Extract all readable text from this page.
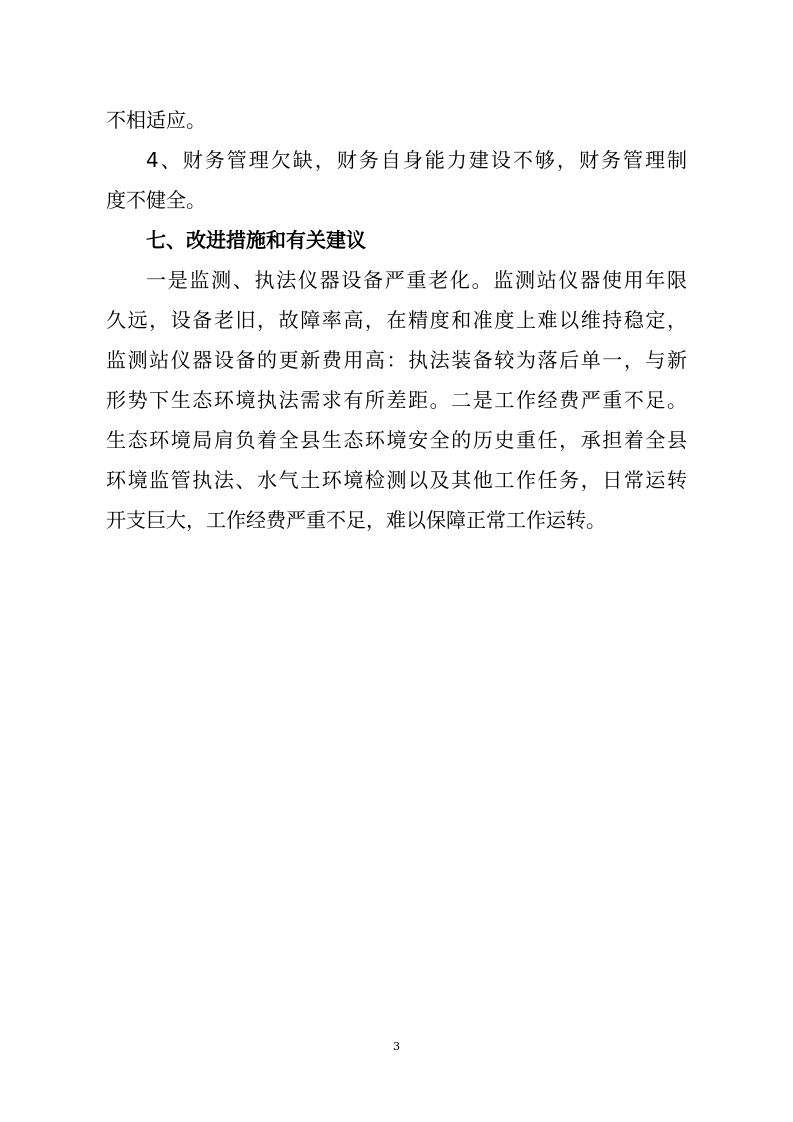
不相适应。
4、财务管理欠缺，财务自身能力建设不够，财务管理制
度不健全。
七、改进措施和有关建议
一是监测、执法仪器设备严重老化。监测站仪器使用年限
久远，设备老旧，故障率高，在精度和准度上难以维持稳定，
监测站仪器设备的更新费用高：执法装备较为落后单一，与新
形势下生态环境执法需求有所差距。二是工作经费严重不足。
生态环境局肩负着全县生态环境安全的历史重任，承担着全县
环境监管执法、水气土环境检测以及其他工作任务，日常运转
开支巨大，工作经费严重不足，难以保障正常工作运转。
3
